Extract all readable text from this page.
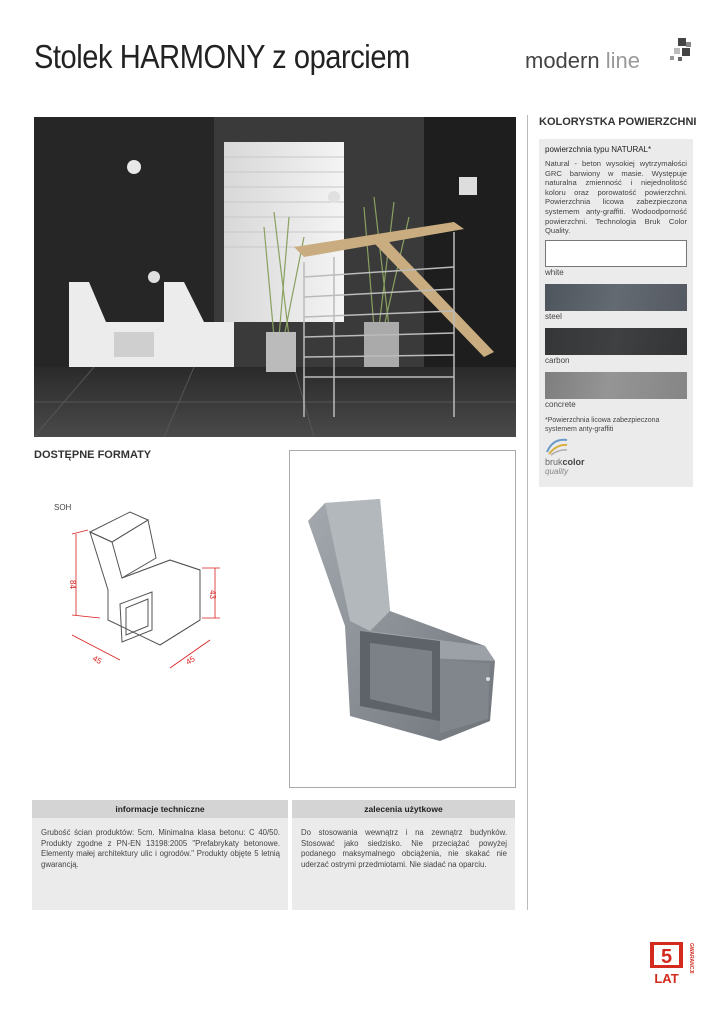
Stolek HARMONY z oparciem	modern line
KOLORYSTKA POWIERZCHNI
powierzchnia typu NATURAL*
Natural - beton wysokiej wytrzymałości GRC barwiony w masie. Występuje naturalna zmienność i niejednolitość koloru oraz porowatość powierzchni. Powierzchnia licowa zabezpieczona systemem anty-graffiti. Wodoodporność powierzchni. Technologia Bruk Color Quality.
white
steel
carbon
concrete
*Powierzchnia licowa zabezpieczona systemem anty-graffiti
brukcolor
quality
DOSTĘPNE FORMATY
SOH
84
43
45	45
informacje techniczne
Grubość ścian produktów: 5cm. Minimalna klasa betonu: C 40/50. Produkty zgodne z PN-EN 13198:2005 "Prefabrykaty betonowe. Elementy małej architektury ulic i ogrodów." Produkty objęte 5 letnią gwarancją.
zalecenia użytkowe
Do stosowania wewnątrz i na zewnątrz budynków. Stosować jako siedzisko. Nie przeciążać powyżej podanego maksymalnego obciążenia, nie skakać nie uderzać ostrymi przedmiotami. Nie siadać na oparciu.
5
LAT
GWARANCJI
